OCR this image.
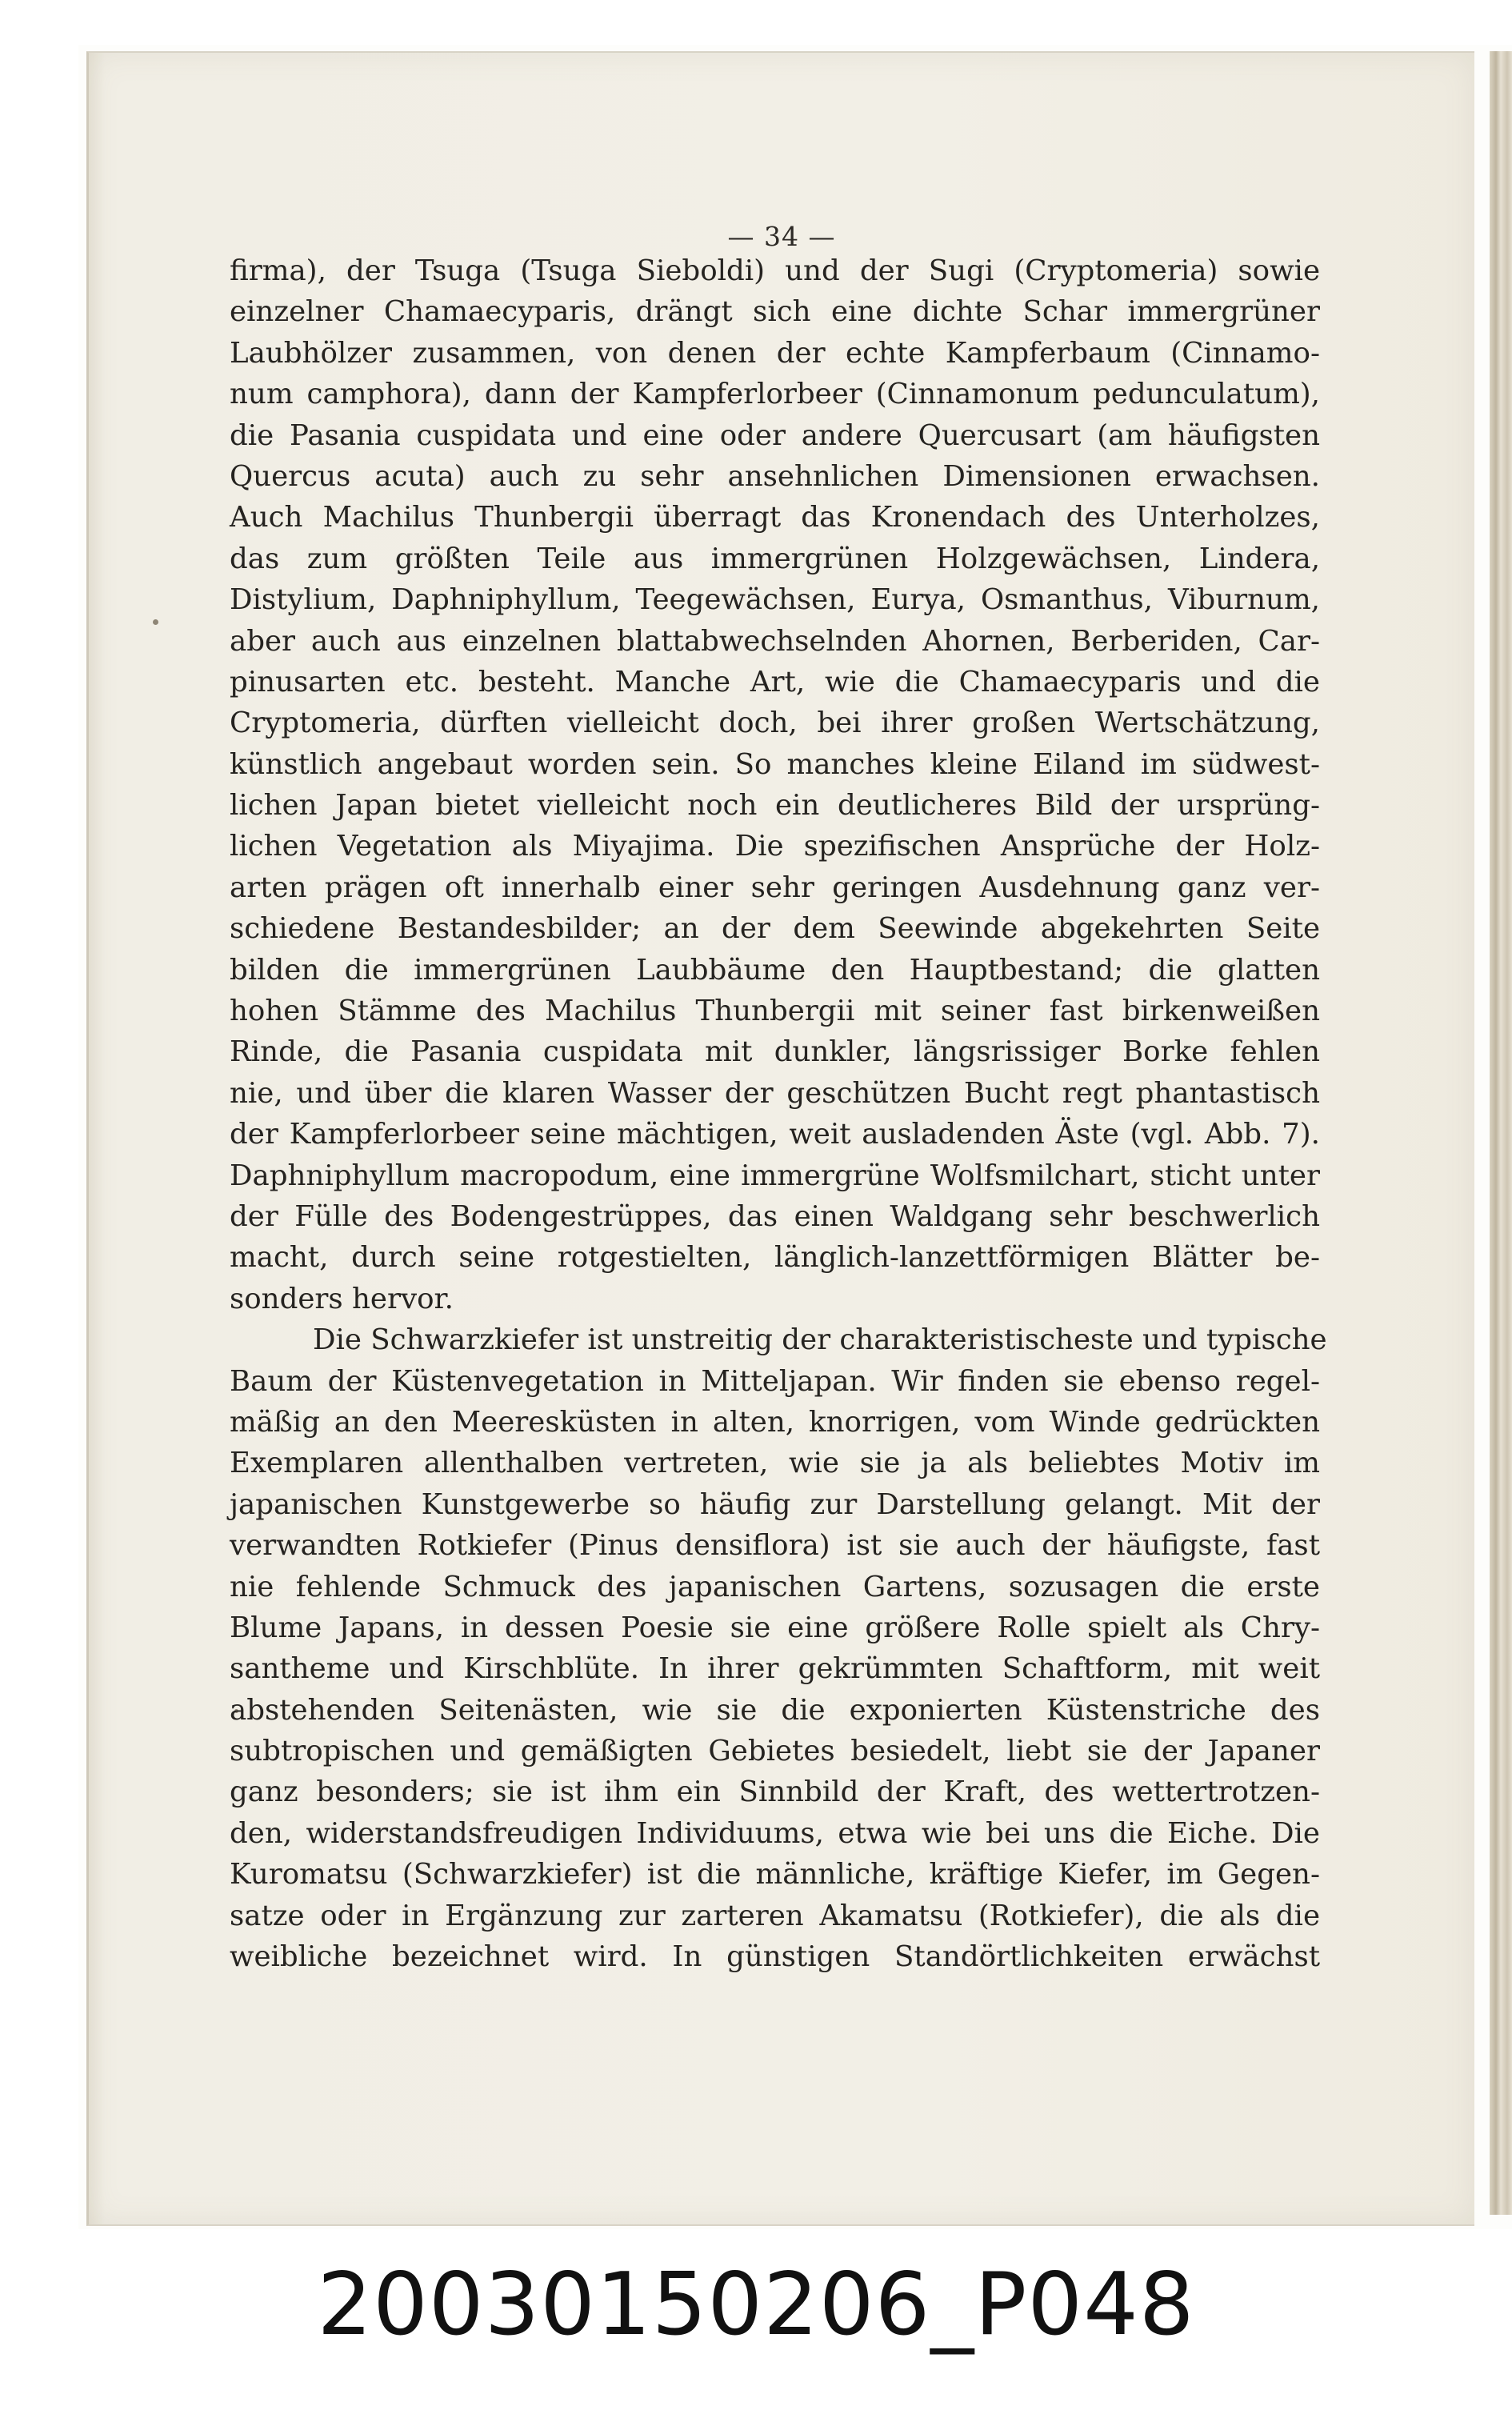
— 34 —
firma), der Tsuga (Tsuga Sieboldi) und der Sugi (Cryptomeria) sowie
einzelner Chamaecyparis, drängt sich eine dichte Schar immergrüner
Laubhölzer zusammen, von denen der echte Kampferbaum (Cinnamo-
num camphora), dann der Kampferlorbeer (Cinnamonum pedunculatum),
die Pasania cuspidata und eine oder andere Quercusart (am häufigsten
Quercus acuta) auch zu sehr ansehnlichen Dimensionen erwachsen.
Auch Machilus Thunbergii überragt das Kronendach des Unterholzes,
das zum größten Teile aus immergrünen Holzgewächsen, Lindera,
Distylium, Daphniphyllum, Teegewächsen, Eurya, Osmanthus, Viburnum,
aber auch aus einzelnen blattabwechselnden Ahornen, Berberiden, Car-
pinusarten etc. besteht. Manche Art, wie die Chamaecyparis und die
Cryptomeria, dürften vielleicht doch, bei ihrer großen Wertschätzung,
künstlich angebaut worden sein. So manches kleine Eiland im südwest-
lichen Japan bietet vielleicht noch ein deutlicheres Bild der ursprüng-
lichen Vegetation als Miyajima. Die spezifischen Ansprüche der Holz-
arten prägen oft innerhalb einer sehr geringen Ausdehnung ganz ver-
schiedene Bestandesbilder; an der dem Seewinde abgekehrten Seite
bilden die immergrünen Laubbäume den Hauptbestand; die glatten
hohen Stämme des Machilus Thunbergii mit seiner fast birkenweißen
Rinde, die Pasania cuspidata mit dunkler, längsrissiger Borke fehlen
nie, und über die klaren Wasser der geschützen Bucht regt phantastisch
der Kampferlorbeer seine mächtigen, weit ausladenden Äste (vgl. Abb. 7).
Daphniphyllum macropodum, eine immergrüne Wolfsmilchart, sticht unter
der Fülle des Bodengestrüppes, das einen Waldgang sehr beschwerlich
macht, durch seine rotgestielten, länglich-lanzettförmigen Blätter be-
sonders hervor.
Die Schwarzkiefer ist unstreitig der charakteristischeste und typische
Baum der Küstenvegetation in Mitteljapan. Wir finden sie ebenso regel-
mäßig an den Meeresküsten in alten, knorrigen, vom Winde gedrückten
Exemplaren allenthalben vertreten, wie sie ja als beliebtes Motiv im
japanischen Kunstgewerbe so häufig zur Darstellung gelangt. Mit der
verwandten Rotkiefer (Pinus densiflora) ist sie auch der häufigste, fast
nie fehlende Schmuck des japanischen Gartens, sozusagen die erste
Blume Japans, in dessen Poesie sie eine größere Rolle spielt als Chry-
santheme und Kirschblüte. In ihrer gekrümmten Schaftform, mit weit
abstehenden Seitenästen, wie sie die exponierten Küstenstriche des
subtropischen und gemäßigten Gebietes besiedelt, liebt sie der Japaner
ganz besonders; sie ist ihm ein Sinnbild der Kraft, des wettertrotzen-
den, widerstandsfreudigen Individuums, etwa wie bei uns die Eiche. Die
Kuromatsu (Schwarzkiefer) ist die männliche, kräftige Kiefer, im Gegen-
satze oder in Ergänzung zur zarteren Akamatsu (Rotkiefer), die als die
weibliche bezeichnet wird. In günstigen Standörtlichkeiten erwächst
20030150206_P048
